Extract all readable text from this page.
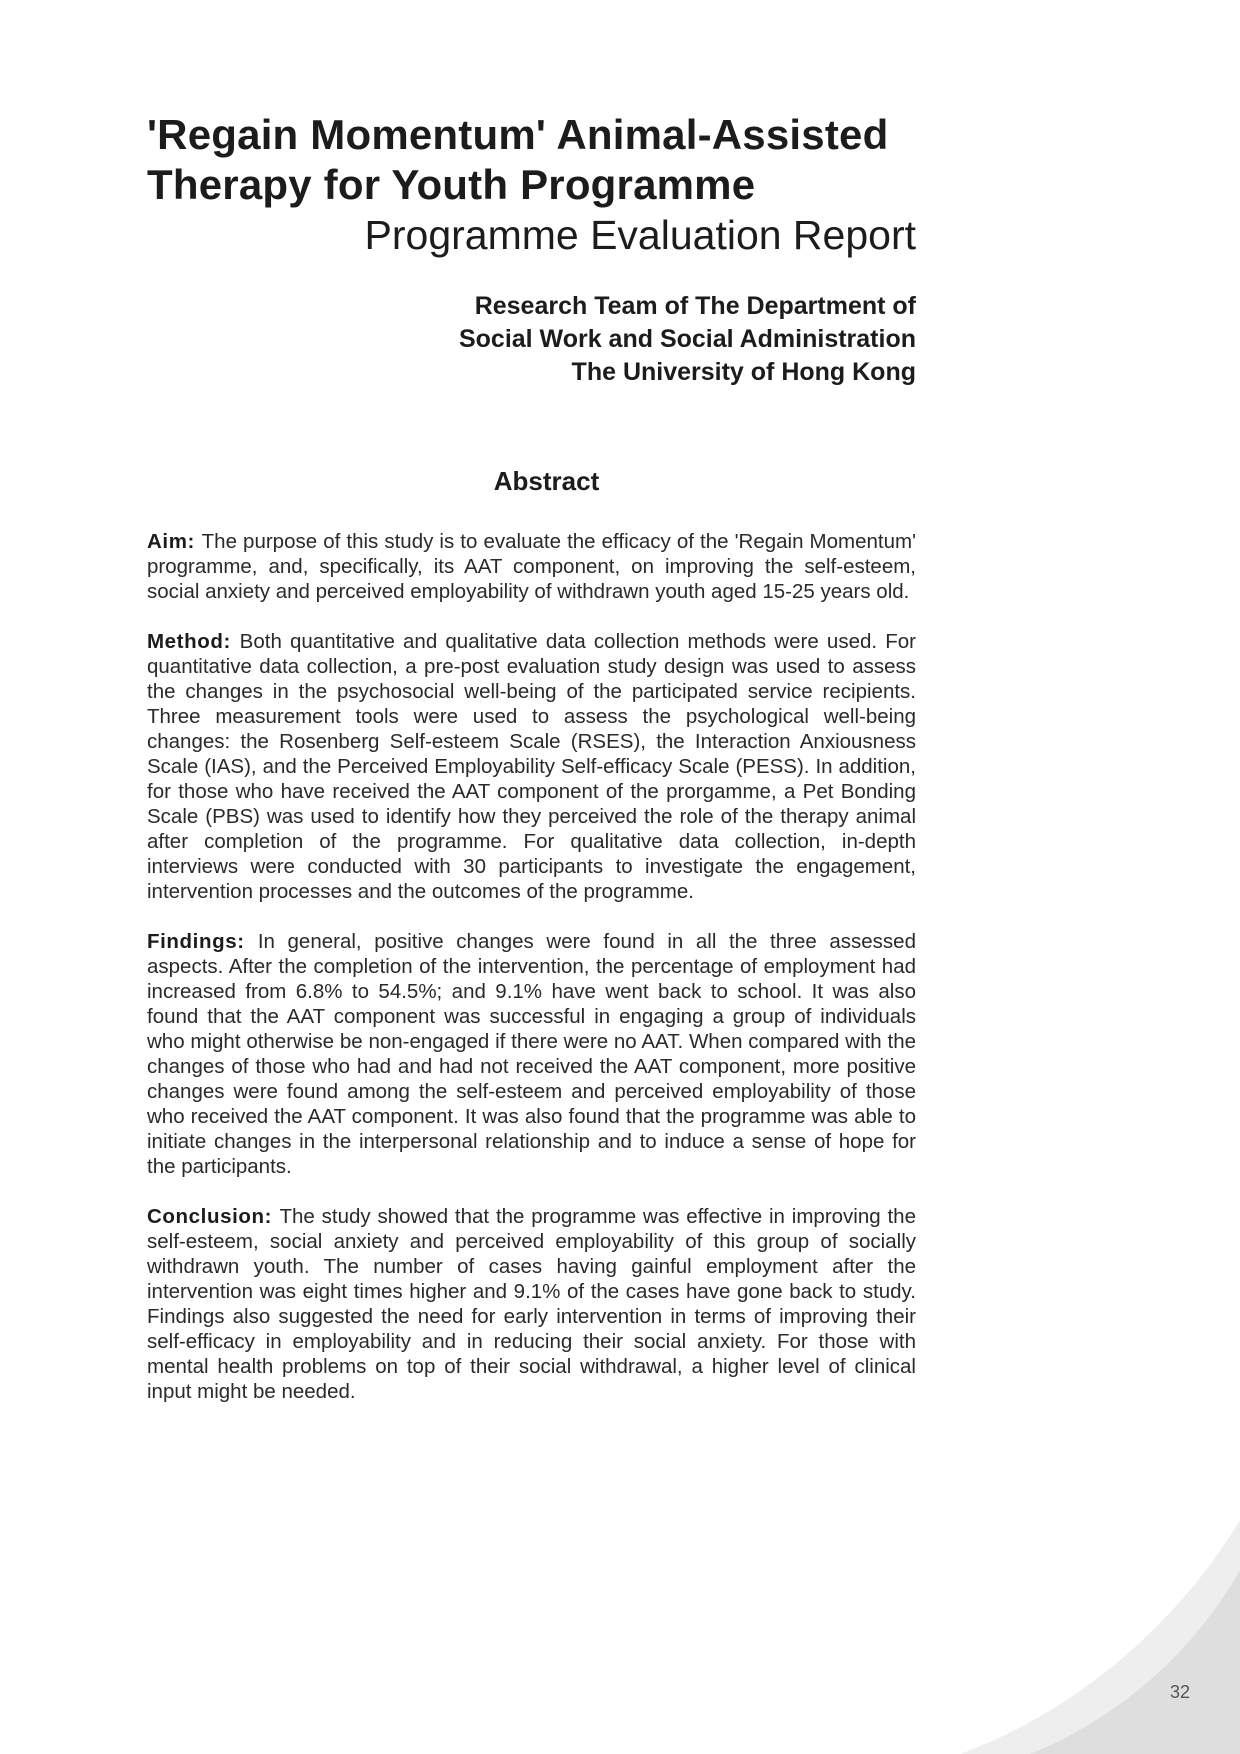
'Regain Momentum' Animal-Assisted
Therapy for Youth Programme
Programme Evaluation Report
Research Team of The Department of
Social Work and Social Administration
The University of Hong Kong
Abstract

Aim: The purpose of this study is to evaluate the efficacy of the 'Regain Momentum' programme, and, specifically, its AAT component, on improving the self-esteem, social anxiety and perceived employability of withdrawn youth aged 15-25 years old.

Method: Both quantitative and qualitative data collection methods were used. For quantitative data collection, a pre-post evaluation study design was used to assess the changes in the psychosocial well-being of the participated service recipients. Three measurement tools were used to assess the psychological well-being changes: the Rosenberg Self-esteem Scale (RSES), the Interaction Anxiousness Scale (IAS), and the Perceived Employability Self-efficacy Scale (PESS). In addition, for those who have received the AAT component of the prorgamme, a Pet Bonding Scale (PBS) was used to identify how they perceived the role of the therapy animal after completion of the programme. For qualitative data collection, in-depth interviews were conducted with 30 participants to investigate the engagement, intervention processes and the outcomes of the programme.

Findings: In general, positive changes were found in all the three assessed aspects. After the completion of the intervention, the percentage of employment had increased from 6.8% to 54.5%; and 9.1% have went back to school. It was also found that the AAT component was successful in engaging a group of individuals who might otherwise be non-engaged if there were no AAT. When compared with the changes of those who had and had not received the AAT component, more positive changes were found among the self-esteem and perceived employability of those who received the AAT component. It was also found that the programme was able to initiate changes in the interpersonal relationship and to induce a sense of hope for the participants.

Conclusion: The study showed that the programme was effective in improving the self-esteem, social anxiety and perceived employability of this group of socially withdrawn youth. The number of cases having gainful employment after the intervention was eight times higher and 9.1% of the cases have gone back to study. Findings also suggested the need for early intervention in terms of improving their self-efficacy in employability and in reducing their social anxiety. For those with mental health problems on top of their social withdrawal, a higher level of clinical input might be needed.

32
